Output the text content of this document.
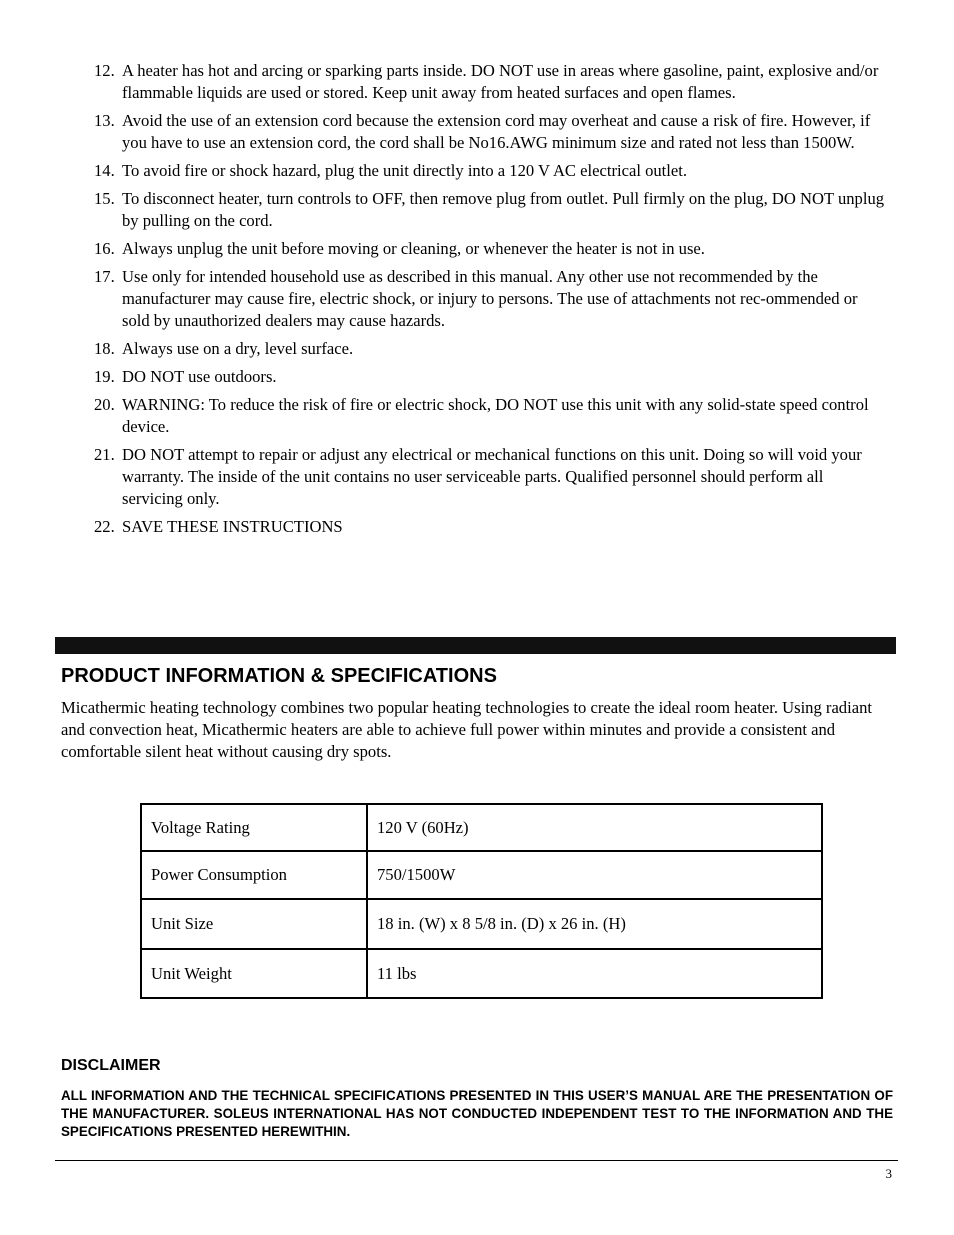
12. A heater has hot and arcing or sparking parts inside. DO NOT use in areas where gasoline, paint, explosive and/or flammable liquids are used or stored. Keep unit away from heated surfaces and open flames.
13. Avoid the use of an extension cord because the extension cord may overheat and cause a risk of fire. However, if you have to use an extension cord, the cord shall be No16.AWG minimum size and rated not less than 1500W.
14. To avoid fire or shock hazard, plug the unit directly into a 120 V AC electrical outlet.
15. To disconnect heater, turn controls to OFF, then remove plug from outlet. Pull firmly on the plug, DO NOT unplug by pulling on the cord.
16. Always unplug the unit before moving or cleaning, or whenever the heater is not in use.
17. Use only for intended household use as described in this manual. Any other use not recommended by the manufacturer may cause fire, electric shock, or injury to persons. The use of attachments not rec-ommended or sold by unauthorized dealers may cause hazards.
18. Always use on a dry, level surface.
19. DO NOT use outdoors.
20. WARNING: To reduce the risk of fire or electric shock, DO NOT use this unit with any solid-state speed control device.
21. DO NOT attempt to repair or adjust any electrical or mechanical functions on this unit. Doing so will void your warranty. The inside of the unit contains no user serviceable parts. Qualified personnel should perform all servicing only.
22. SAVE THESE INSTRUCTIONS
PRODUCT INFORMATION & SPECIFICATIONS

Micathermic heating technology combines two popular heating technologies to create the ideal room heater. Using radiant and convection heat, Micathermic heaters are able to achieve full power within minutes and provide a consistent and comfortable silent heat without causing dry spots.

Voltage Rating	120 V (60Hz)
Power Consumption	750/1500W
Unit Size	18 in. (W) x 8 5/8 in. (D) x 26 in. (H)
Unit Weight	11 lbs
DISCLAIMER

ALL INFORMATION AND THE TECHNICAL SPECIFICATIONS PRESENTED IN THIS USER’S MANUAL ARE THE PRESENTATION OF THE MANUFACTURER. SOLEUS INTERNATIONAL HAS NOT CONDUCTED INDEPENDENT TEST TO THE INFORMATION AND THE SPECIFICATIONS PRESENTED HEREWITHIN.

3
